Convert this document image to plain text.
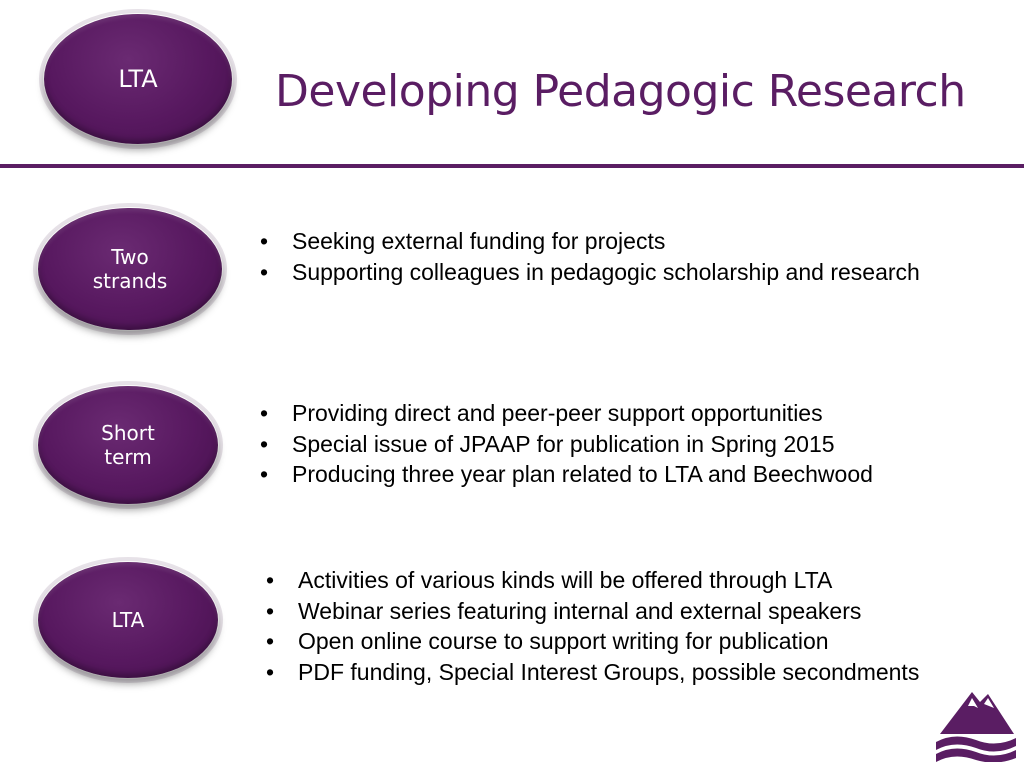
LTA	Developing Pedagogic Research
Two
strands
• Seeking external funding for projects
• Supporting colleagues in pedagogic scholarship and research
Short
term
• Providing direct and peer-peer support opportunities
• Special issue of JPAAP for publication in Spring 2015
• Producing three year plan related to LTA and Beechwood
LTA
• Activities of various kinds will be offered through LTA
• Webinar series featuring internal and external speakers
• Open online course to support writing for publication
• PDF funding, Special Interest Groups, possible secondments
